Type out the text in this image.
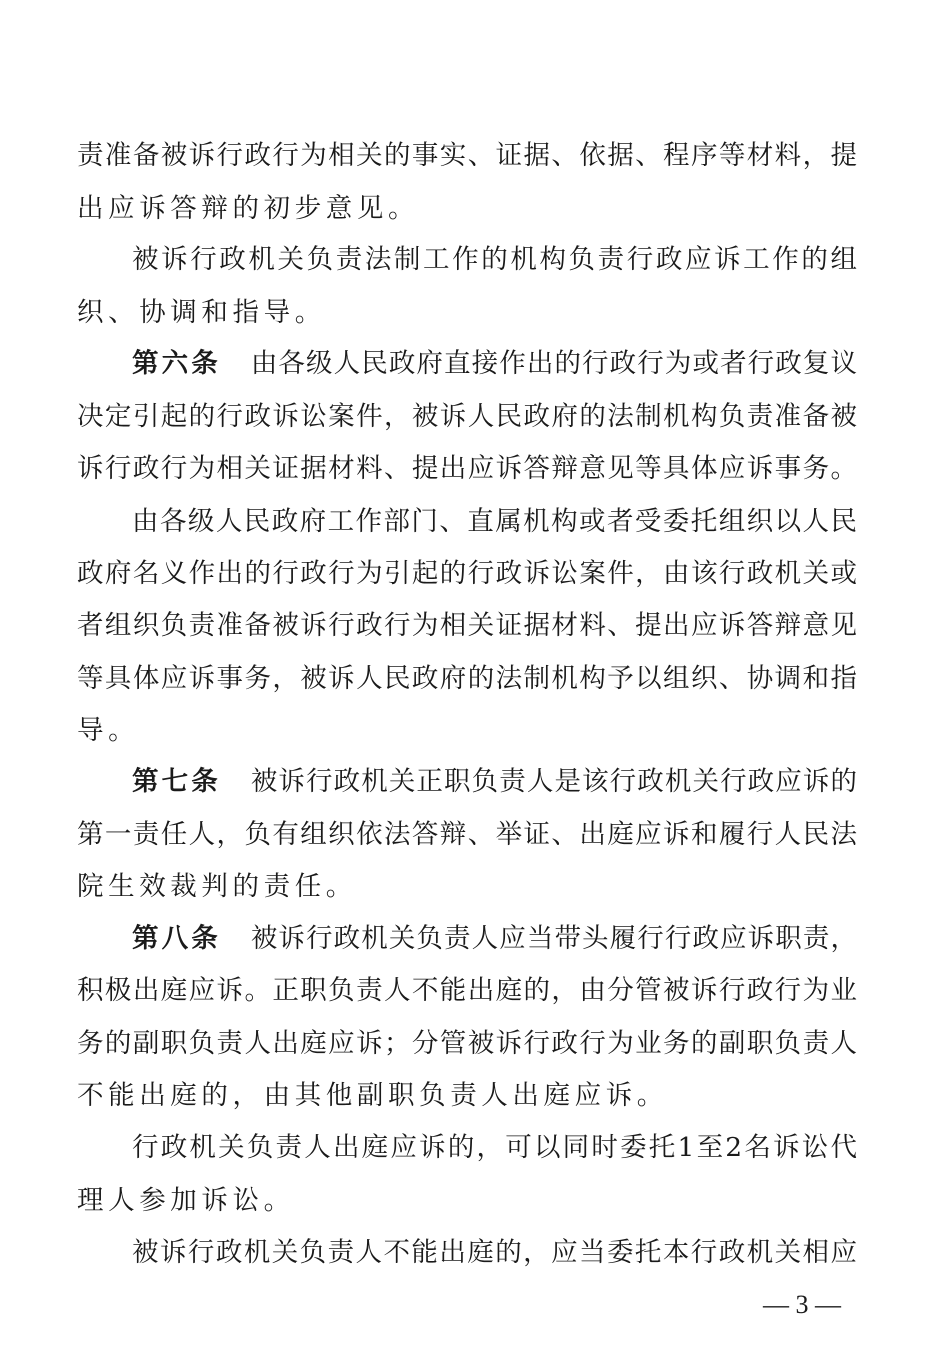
责准备被诉行政行为相关的事实、证据、依据、程序等材料，提
出应诉答辩的初步意见。
被诉行政机关负责法制工作的机构负责行政应诉工作的组
织、协调和指导。
第六条 由各级人民政府直接作出的行政行为或者行政复议
决定引起的行政诉讼案件，被诉人民政府的法制机构负责准备被
诉行政行为相关证据材料、提出应诉答辩意见等具体应诉事务。
由各级人民政府工作部门、直属机构或者受委托组织以人民
政府名义作出的行政行为引起的行政诉讼案件，由该行政机关或
者组织负责准备被诉行政行为相关证据材料、提出应诉答辩意见
等具体应诉事务，被诉人民政府的法制机构予以组织、协调和指
导。
第七条 被诉行政机关正职负责人是该行政机关行政应诉的
第一责任人，负有组织依法答辩、举证、出庭应诉和履行人民法
院生效裁判的责任。
第八条 被诉行政机关负责人应当带头履行行政应诉职责，
积极出庭应诉。正职负责人不能出庭的，由分管被诉行政行为业
务的副职负责人出庭应诉；分管被诉行政行为业务的副职负责人
不能出庭的，由其他副职负责人出庭应诉。
行政机关负责人出庭应诉的，可以同时委托1至2名诉讼代
理人参加诉讼。
被诉行政机关负责人不能出庭的，应当委托本行政机关相应
— 3 —
